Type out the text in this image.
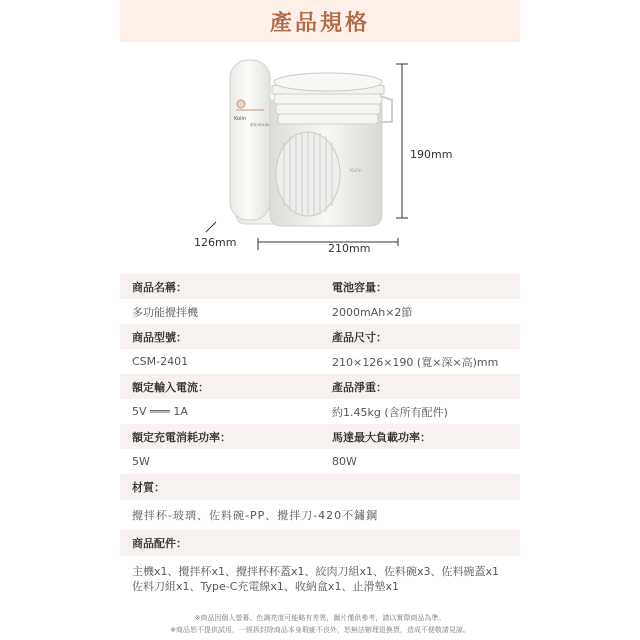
產品規格
Kolin
Kolin
歌林 KOLIN
190mm
126mm	210mm
商品名稱：	電池容量：
多功能攪拌機	2000mAh×2節
商品型號：	產品尺寸：
CSM-2401	210×126×190 (寬×深×高)mm
額定輸入電流：	產品淨重：
5V ═══ 1A	約1.45kg (含所有配件)
額定充電消耗功率：	馬達最大負載功率：
5W	80W
材質：
攪拌杯-玻璃、佐料碗-PP、攪拌刀-420不鏽鋼
商品配件：
主機x1、攪拌杯x1、攪拌杯杯蓋x1、絞肉刀組x1、佐料碗x3、佐料碗蓋x1
佐料刀組x1、Type-C充電線x1、收納盒x1、止滑墊x1
※商品因個人螢幕、色調亮度可能略有差異，圖片僅供參考，請以實際商品為準。
※商品恕不提供試用，一經拆封除商品本身瑕疵不良外，恕無法辦理退換貨，造成不便敬請見諒。
